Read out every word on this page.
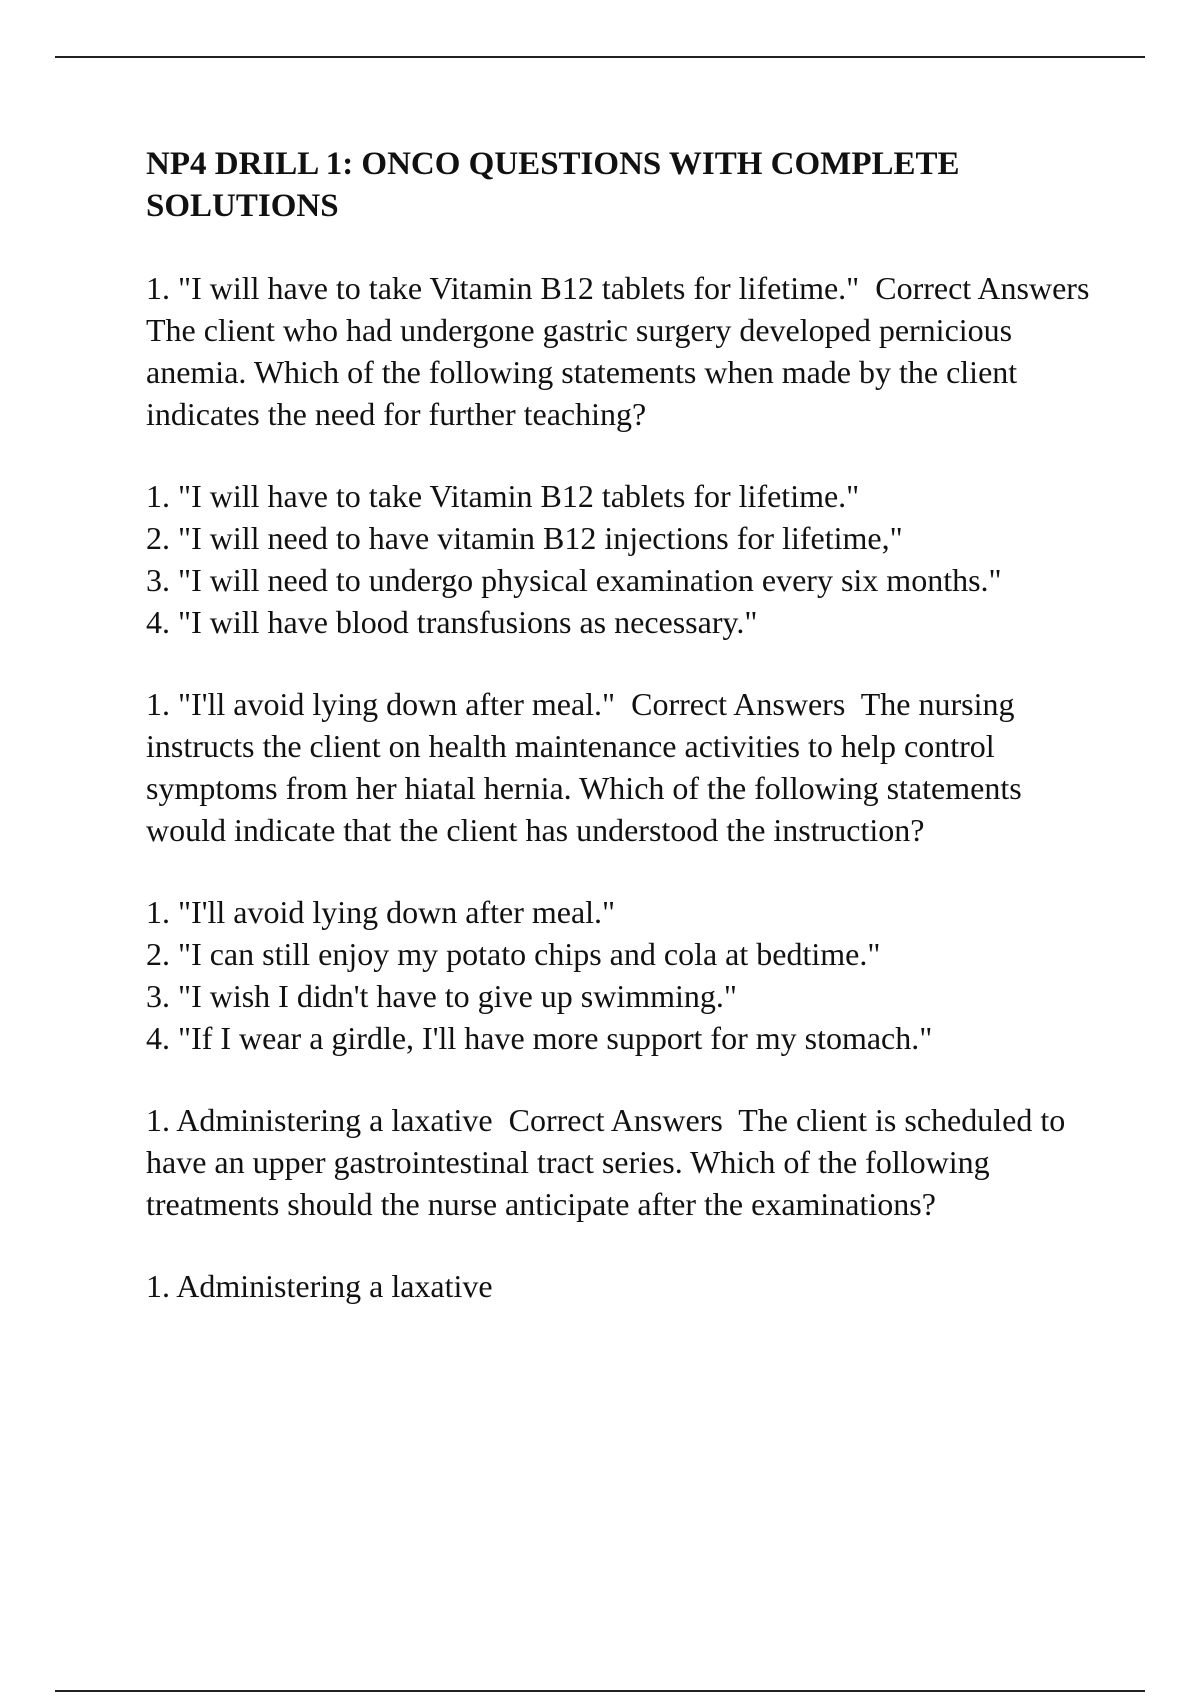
NP4 DRILL 1: ONCO QUESTIONS WITH COMPLETE SOLUTIONS

1. "I will have to take Vitamin B12 tablets for lifetime."  Correct Answers  The client who had undergone gastric surgery developed pernicious anemia. Which of the following statements when made by the client indicates the need for further teaching?

1. "I will have to take Vitamin B12 tablets for lifetime."
2. "I will need to have vitamin B12 injections for lifetime,"
3. "I will need to undergo physical examination every six months."
4. "I will have blood transfusions as necessary."

1. "I'll avoid lying down after meal."  Correct Answers  The nursing instructs the client on health maintenance activities to help control symptoms from her hiatal hernia. Which of the following statements would indicate that the client has understood the instruction?

1. "I'll avoid lying down after meal."
2. "I can still enjoy my potato chips and cola at bedtime."
3. "I wish I didn't have to give up swimming."
4. "If I wear a girdle, I'll have more support for my stomach."

1. Administering a laxative  Correct Answers  The client is scheduled to have an upper gastrointestinal tract series. Which of the following treatments should the nurse anticipate after the examinations?

1. Administering a laxative
